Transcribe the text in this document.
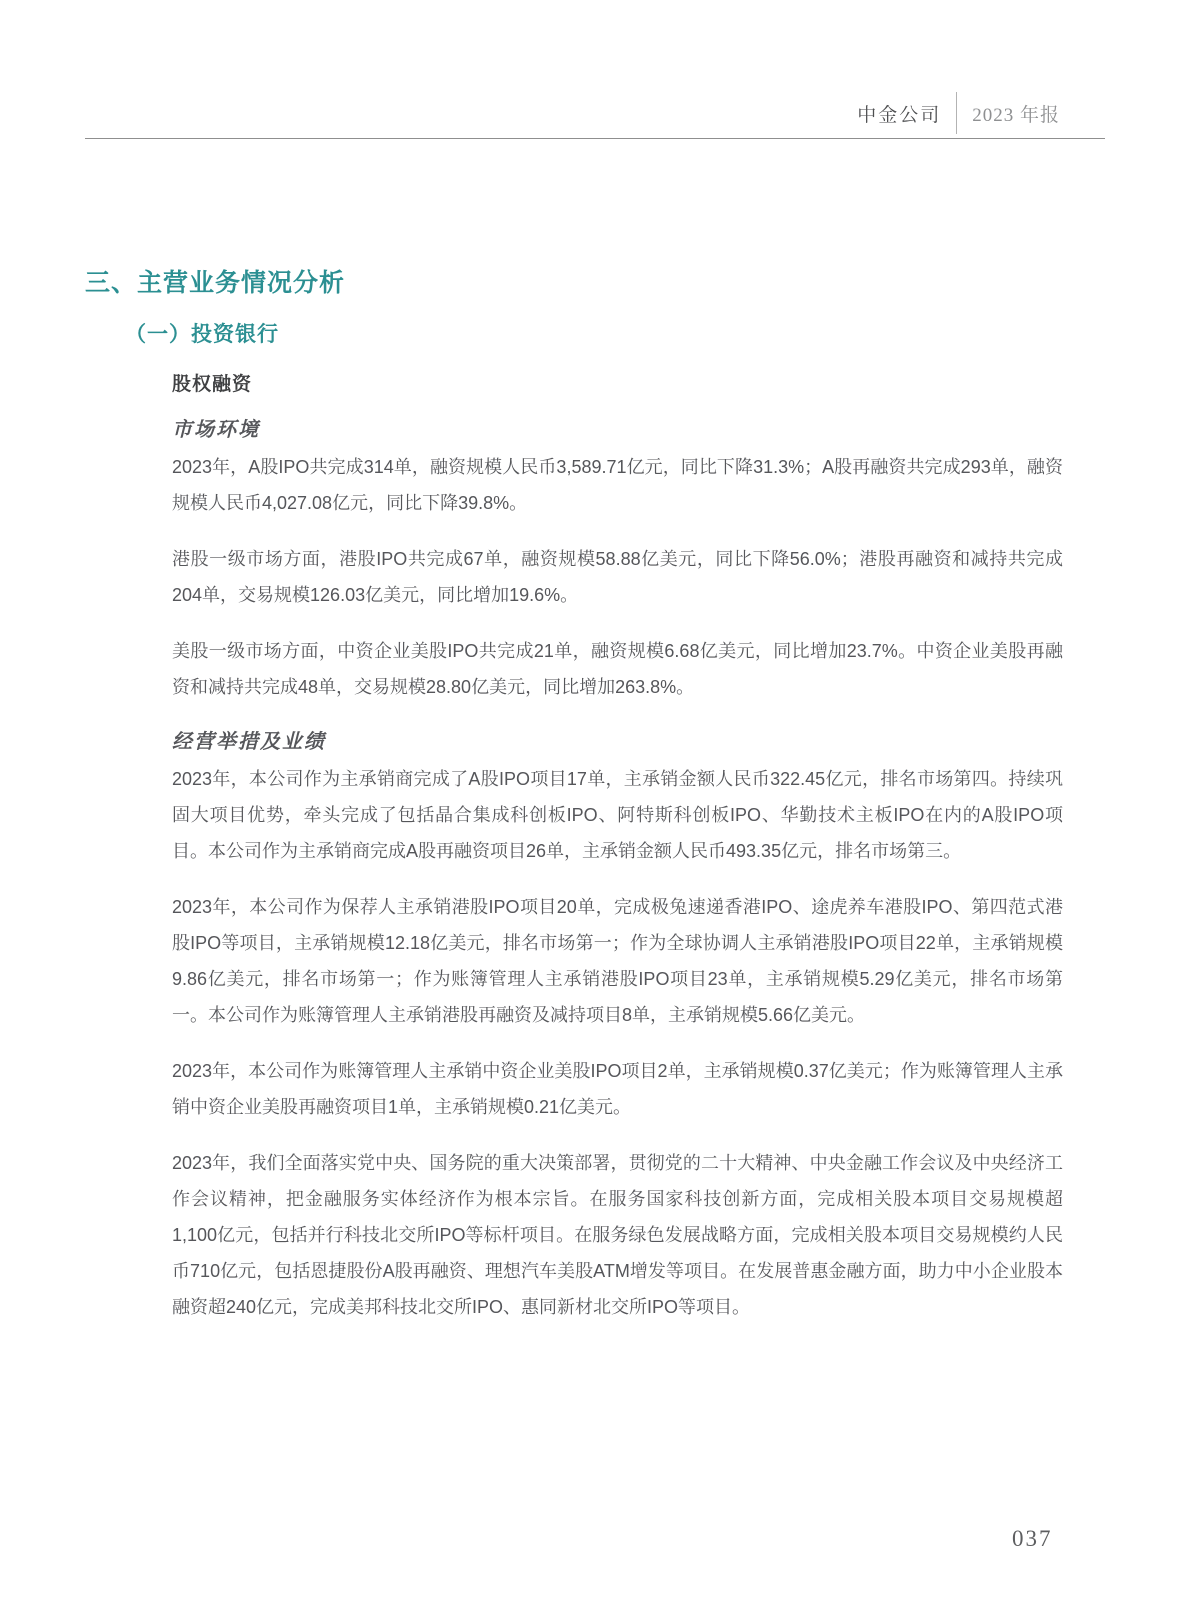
中金公司 2023 年报
三、主营业务情况分析
（一）投资银行
股权融资
市场环境

2023年，A股IPO共完成314单，融资规模人民币3,589.71亿元，同比下降31.3%；A股再融资共完成293单，融资规模人民币4,027.08亿元，同比下降39.8%。

港股一级市场方面，港股IPO共完成67单，融资规模58.88亿美元，同比下降56.0%；港股再融资和减持共完成204单，交易规模126.03亿美元，同比增加19.6%。

美股一级市场方面，中资企业美股IPO共完成21单，融资规模6.68亿美元，同比增加23.7%。中资企业美股再融资和减持共完成48单，交易规模28.80亿美元，同比增加263.8%。

经营举措及业绩

2023年，本公司作为主承销商完成了A股IPO项目17单，主承销金额人民币322.45亿元，排名市场第四。持续巩固大项目优势，牵头完成了包括晶合集成科创板IPO、阿特斯科创板IPO、华勤技术主板IPO在内的A股IPO项目。本公司作为主承销商完成A股再融资项目26单，主承销金额人民币493.35亿元，排名市场第三。

2023年，本公司作为保荐人主承销港股IPO项目20单，完成极兔速递香港IPO、途虎养车港股IPO、第四范式港股IPO等项目，主承销规模12.18亿美元，排名市场第一；作为全球协调人主承销港股IPO项目22单，主承销规模9.86亿美元，排名市场第一；作为账簿管理人主承销港股IPO项目23单，主承销规模5.29亿美元，排名市场第一。本公司作为账簿管理人主承销港股再融资及减持项目8单，主承销规模5.66亿美元。

2023年，本公司作为账簿管理人主承销中资企业美股IPO项目2单，主承销规模0.37亿美元；作为账簿管理人主承销中资企业美股再融资项目1单，主承销规模0.21亿美元。

2023年，我们全面落实党中央、国务院的重大决策部署，贯彻党的二十大精神、中央金融工作会议及中央经济工作会议精神，把金融服务实体经济作为根本宗旨。在服务国家科技创新方面，完成相关股本项目交易规模超1,100亿元，包括并行科技北交所IPO等标杆项目。在服务绿色发展战略方面，完成相关股本项目交易规模约人民币710亿元，包括恩捷股份A股再融资、理想汽车美股ATM增发等项目。在发展普惠金融方面，助力中小企业股本融资超240亿元，完成美邦科技北交所IPO、惠同新材北交所IPO等项目。

037
